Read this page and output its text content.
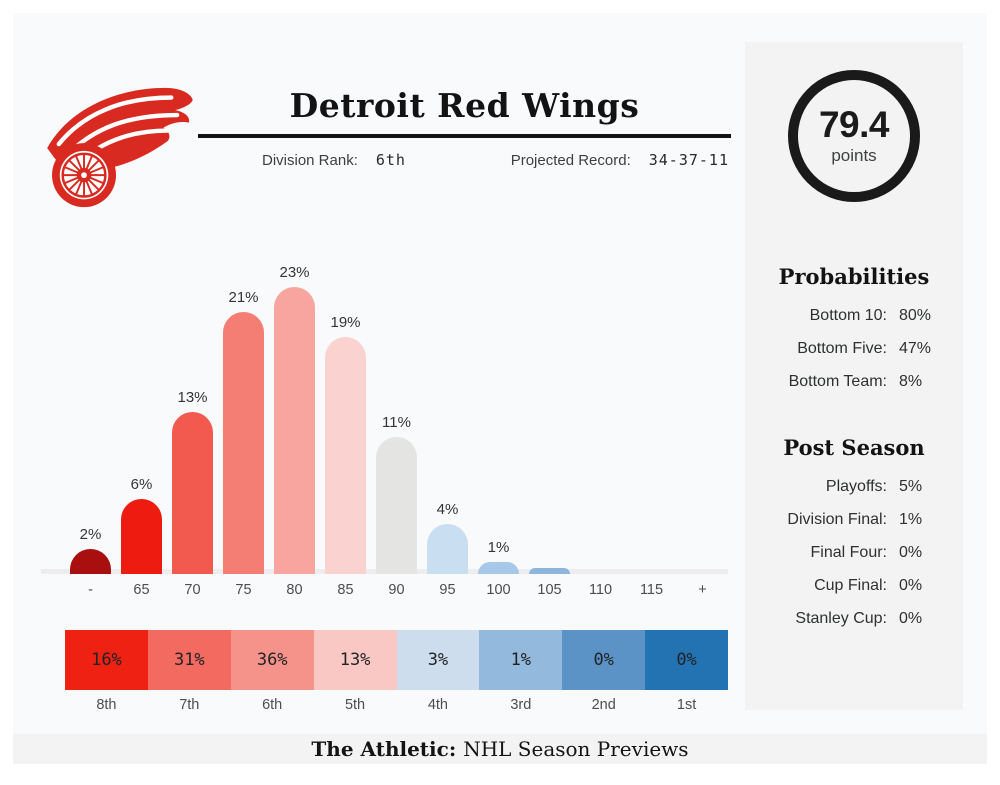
Detroit Red Wings
Division Rank: 6th	Projected Record: 34-37-11
2%
6%
13%
21%
23%
19%
11%
4%
1%
-	65	70	75	80	85	90	95	100	105	110	115	+
16%	31%	36%	13%	3%	1%	0%	0%
8th	7th	6th	5th	4th	3rd	2nd	1st
79.4
points
Probabilities
Bottom 10: 80%
Bottom Five: 47%
Bottom Team: 8%
Post Season
Playoffs: 5%
Division Final: 1%
Final Four: 0%
Cup Final: 0%
Stanley Cup: 0%
The Athletic: NHL Season Previews
